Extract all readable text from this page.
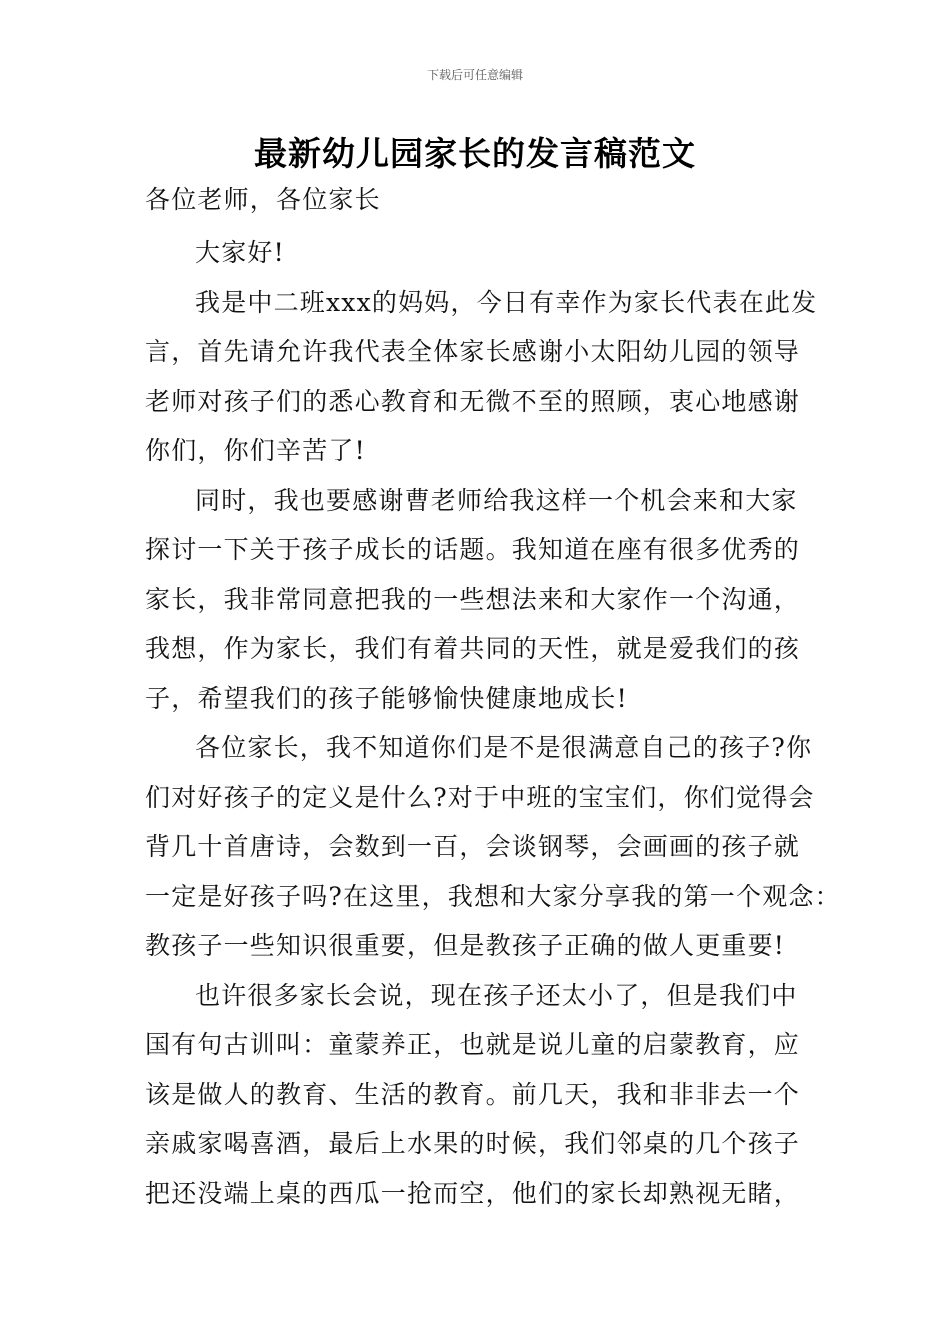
下载后可任意编辑
最新幼儿园家长的发言稿范文

各位老师，各位家长

大家好!

我是中二班xxx的妈妈，今日有幸作为家长代表在此发
言，首先请允许我代表全体家长感谢小太阳幼儿园的领导
老师对孩子们的悉心教育和无微不至的照顾，衷心地感谢
你们，你们辛苦了!

同时，我也要感谢曹老师给我这样一个机会来和大家
探讨一下关于孩子成长的话题。我知道在座有很多优秀的
家长，我非常同意把我的一些想法来和大家作一个沟通，
我想，作为家长，我们有着共同的天性，就是爱我们的孩
子，希望我们的孩子能够愉快健康地成长!

各位家长，我不知道你们是不是很满意自己的孩子?你
们对好孩子的定义是什么?对于中班的宝宝们，你们觉得会
背几十首唐诗，会数到一百，会谈钢琴，会画画的孩子就
一定是好孩子吗?在这里，我想和大家分享我的第一个观念：
教孩子一些知识很重要，但是教孩子正确的做人更重要!

也许很多家长会说，现在孩子还太小了，但是我们中
国有句古训叫：童蒙养正，也就是说儿童的启蒙教育，应
该是做人的教育、生活的教育。前几天，我和非非去一个
亲戚家喝喜酒，最后上水果的时候，我们邻桌的几个孩子
把还没端上桌的西瓜一抢而空，他们的家长却熟视无睹，
